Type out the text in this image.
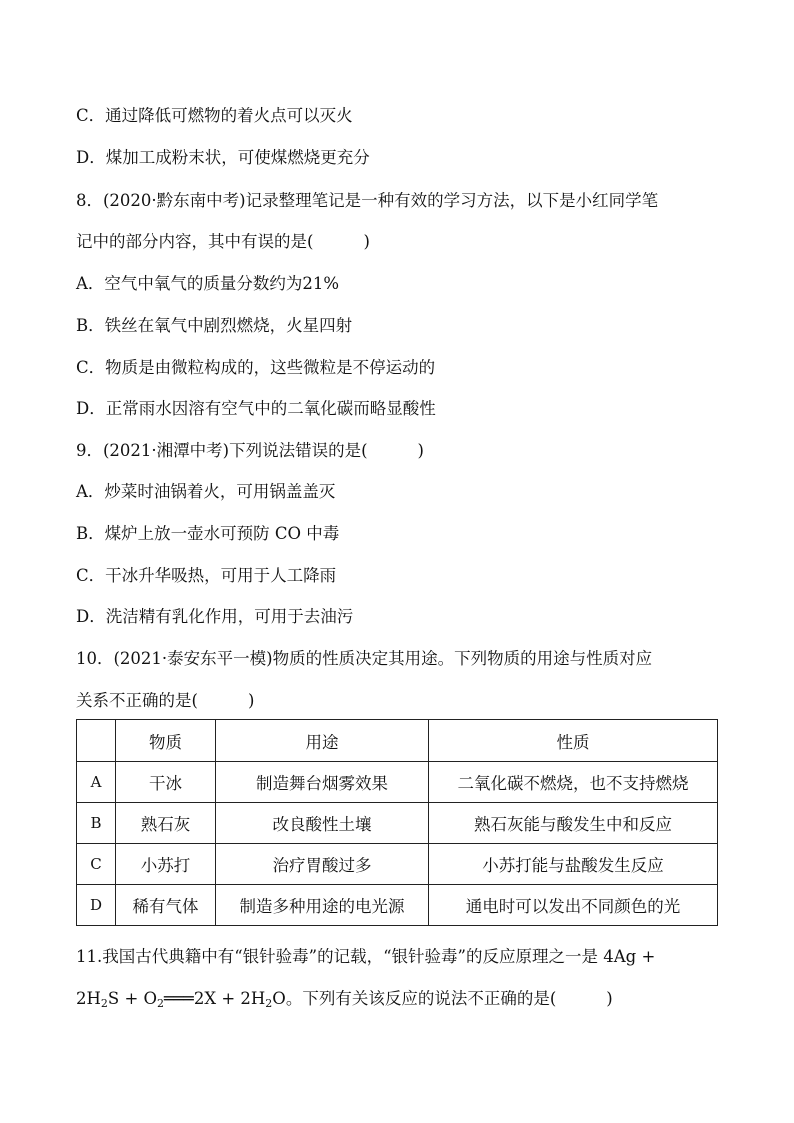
C．通过降低可燃物的着火点可以灭火
D．煤加工成粉末状，可使煤燃烧更充分
8．(2020·黔东南中考)记录整理笔记是一种有效的学习方法，以下是小红同学笔
记中的部分内容，其中有误的是(	)
A．空气中氧气的质量分数约为21%
B．铁丝在氧气中剧烈燃烧，火星四射
C．物质是由微粒构成的，这些微粒是不停运动的
D．正常雨水因溶有空气中的二氧化碳而略显酸性
9．(2021·湘潭中考)下列说法错误的是(	)
A．炒菜时油锅着火，可用锅盖盖灭
B．煤炉上放一壶水可预防 CO 中毒
C．干冰升华吸热，可用于人工降雨
D．洗洁精有乳化作用，可用于去油污
10．(2021·泰安东平一模)物质的性质决定其用途。下列物质的用途与性质对应
关系不正确的是(	)
	物质	用途	性质
A	干冰	制造舞台烟雾效果	二氧化碳不燃烧，也不支持燃烧
B	熟石灰	改良酸性土壤	熟石灰能与酸发生中和反应
C	小苏打	治疗胃酸过多	小苏打能与盐酸发生反应
D	稀有气体	制造多种用途的电光源	通电时可以发出不同颜色的光
11.我国古代典籍中有“银针验毒”的记载，“银针验毒”的反应原理之一是 4Ag +
$2H_2S$ + $O_2═══2X + 2H_2O$。下列有关该反应的说法不正确的是(	)
